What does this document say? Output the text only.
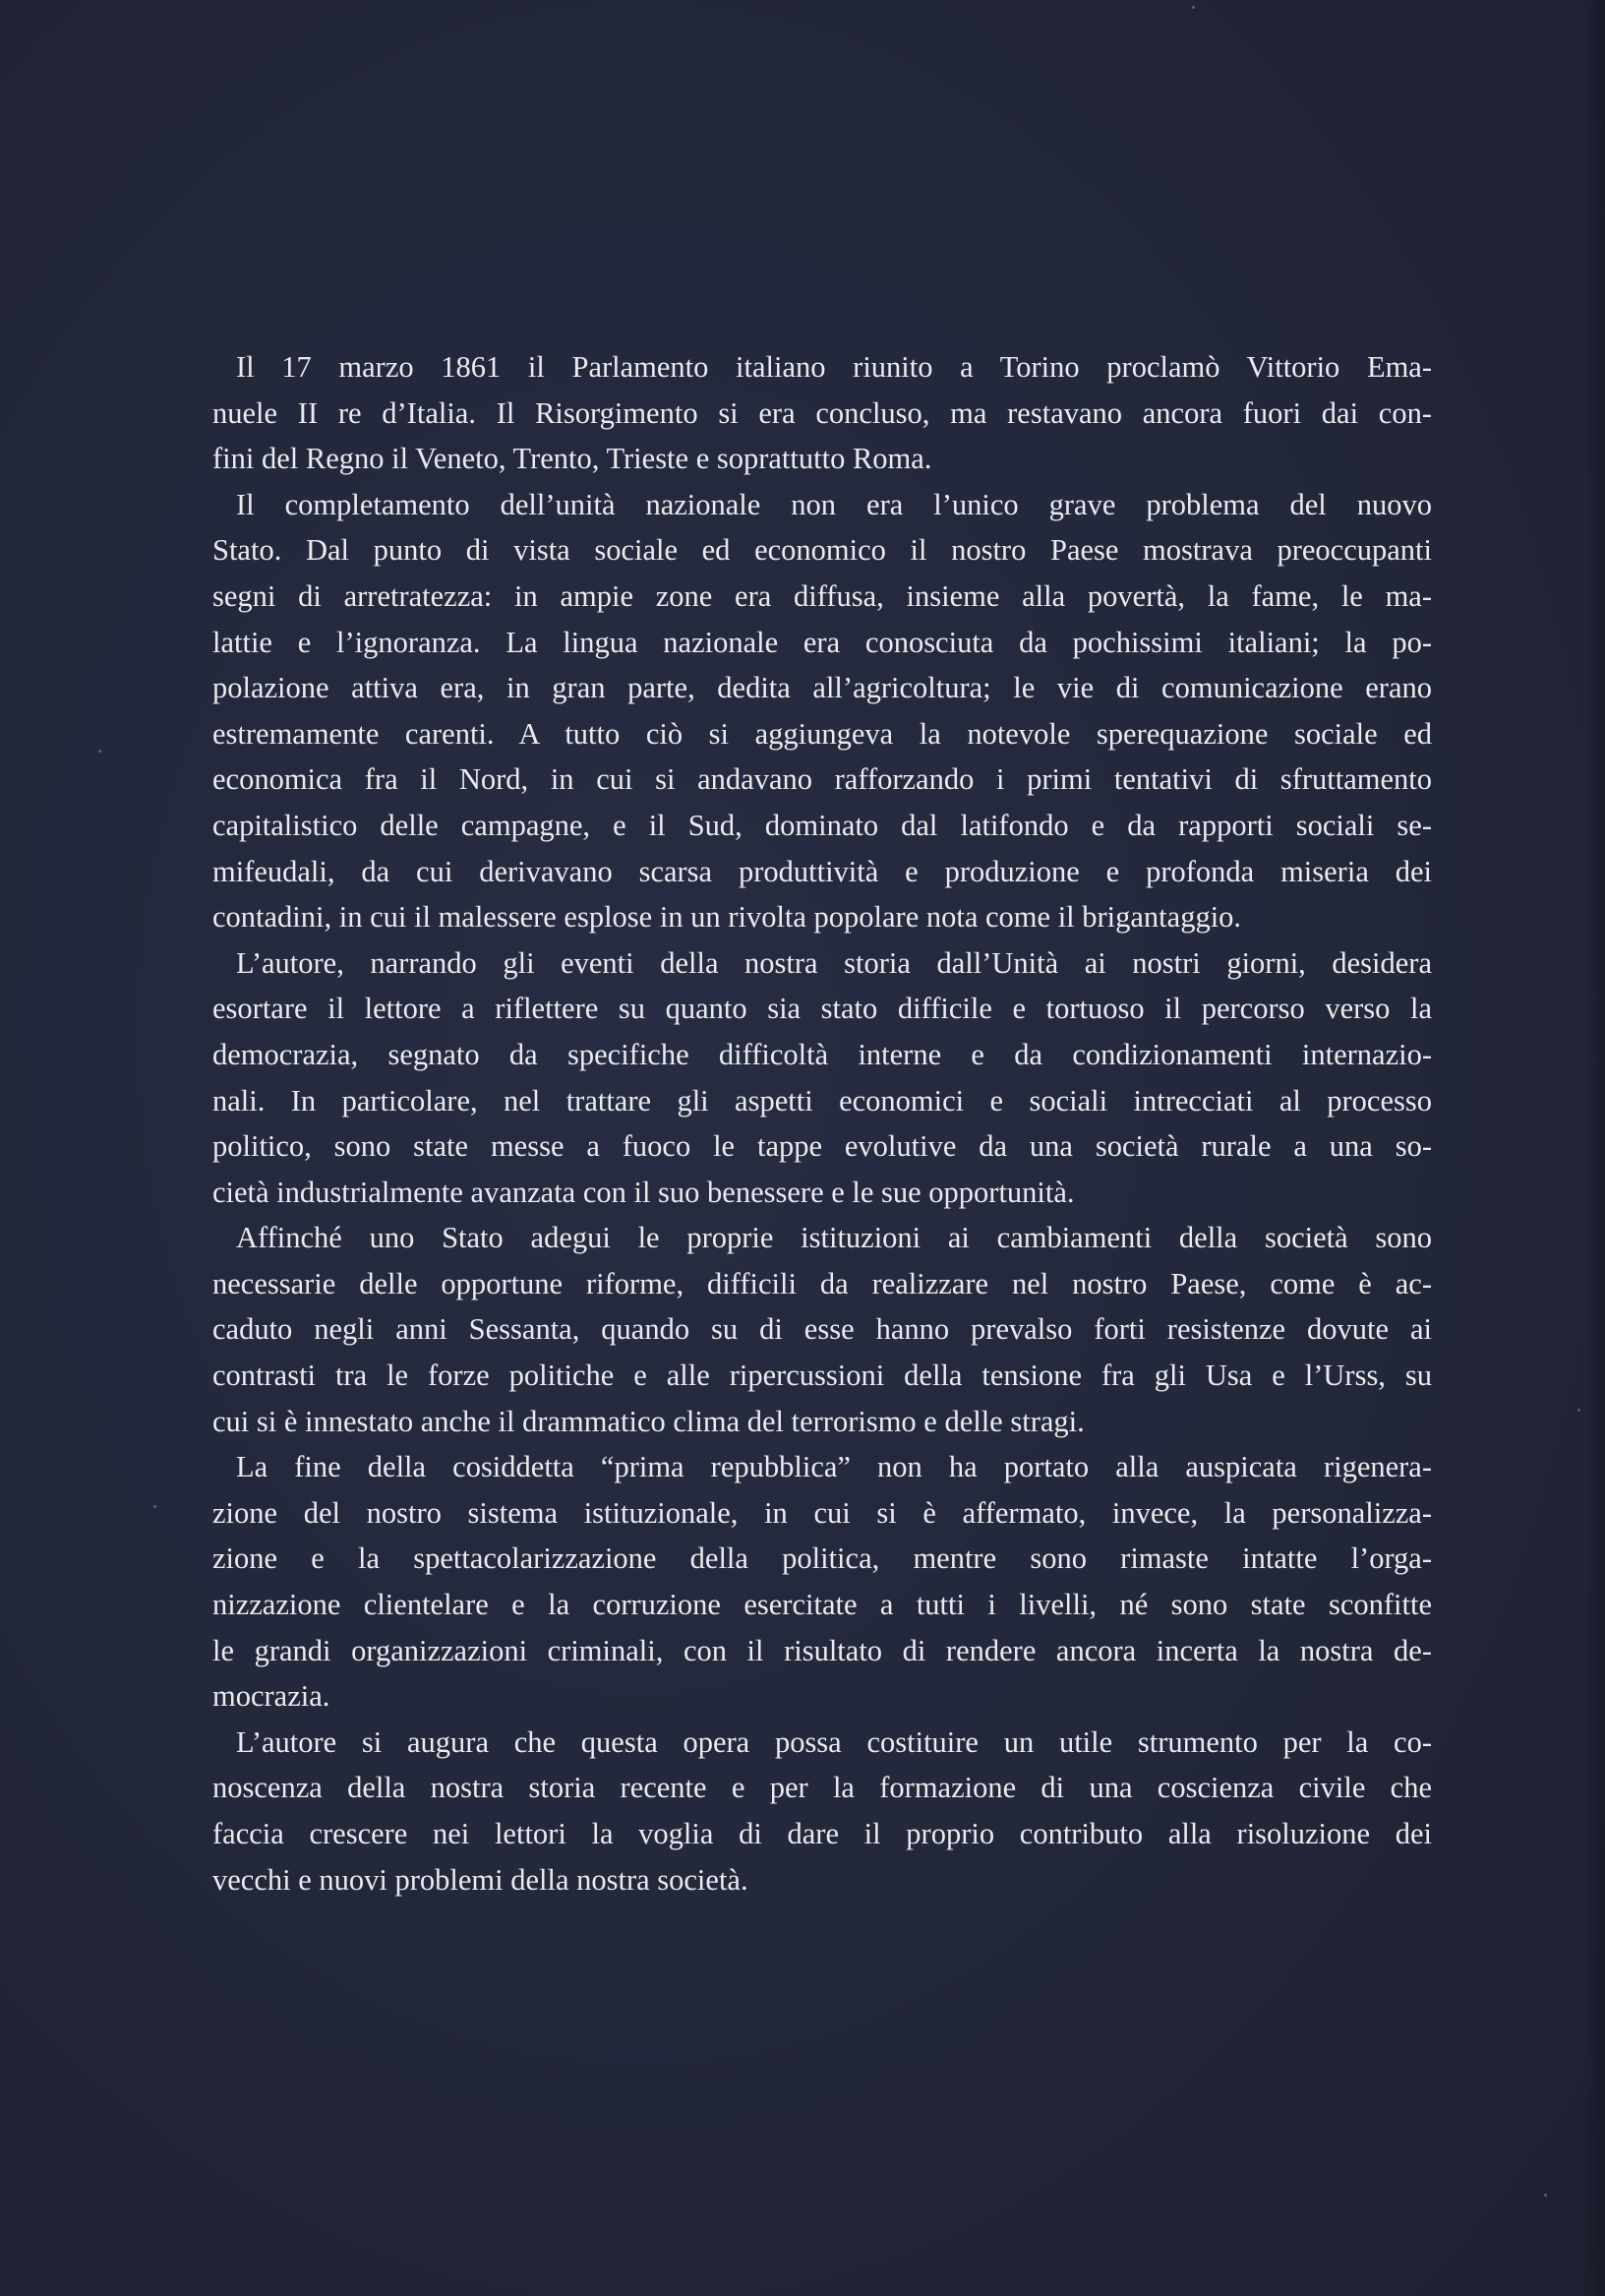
Il 17 marzo 1861 il Parlamento italiano riunito a Torino proclamò Vittorio Ema-
nuele II re d’Italia. Il Risorgimento si era concluso, ma restavano ancora fuori dai con-
fini del Regno il Veneto, Trento, Trieste e soprattutto Roma.
Il completamento dell’unità nazionale non era l’unico grave problema del nuovo
Stato. Dal punto di vista sociale ed economico il nostro Paese mostrava preoccupanti
segni di arretratezza: in ampie zone era diffusa, insieme alla povertà, la fame, le ma-
lattie e l’ignoranza. La lingua nazionale era conosciuta da pochissimi italiani; la po-
polazione attiva era, in gran parte, dedita all’agricoltura; le vie di comunicazione erano
estremamente carenti. A tutto ciò si aggiungeva la notevole sperequazione sociale ed
economica fra il Nord, in cui si andavano rafforzando i primi tentativi di sfruttamento
capitalistico delle campagne, e il Sud, dominato dal latifondo e da rapporti sociali se-
mifeudali, da cui derivavano scarsa produttività e produzione e profonda miseria dei
contadini, in cui il malessere esplose in un rivolta popolare nota come il brigantaggio.
L’autore, narrando gli eventi della nostra storia dall’Unità ai nostri giorni, desidera
esortare il lettore a riflettere su quanto sia stato difficile e tortuoso il percorso verso la
democrazia, segnato da specifiche difficoltà interne e da condizionamenti internazio-
nali. In particolare, nel trattare gli aspetti economici e sociali intrecciati al processo
politico, sono state messe a fuoco le tappe evolutive da una società rurale a una so-
cietà industrialmente avanzata con il suo benessere e le sue opportunità.
Affinché uno Stato adegui le proprie istituzioni ai cambiamenti della società sono
necessarie delle opportune riforme, difficili da realizzare nel nostro Paese, come è ac-
caduto negli anni Sessanta, quando su di esse hanno prevalso forti resistenze dovute ai
contrasti tra le forze politiche e alle ripercussioni della tensione fra gli Usa e l’Urss, su
cui si è innestato anche il drammatico clima del terrorismo e delle stragi.
La fine della cosiddetta “prima repubblica” non ha portato alla auspicata rigenera-
zione del nostro sistema istituzionale, in cui si è affermato, invece, la personalizza-
zione e la spettacolarizzazione della politica, mentre sono rimaste intatte l’orga-
nizzazione clientelare e la corruzione esercitate a tutti i livelli, né sono state sconfitte
le grandi organizzazioni criminali, con il risultato di rendere ancora incerta la nostra de-
mocrazia.
L’autore si augura che questa opera possa costituire un utile strumento per la co-
noscenza della nostra storia recente e per la formazione di una coscienza civile che
faccia crescere nei lettori la voglia di dare il proprio contributo alla risoluzione dei
vecchi e nuovi problemi della nostra società.
